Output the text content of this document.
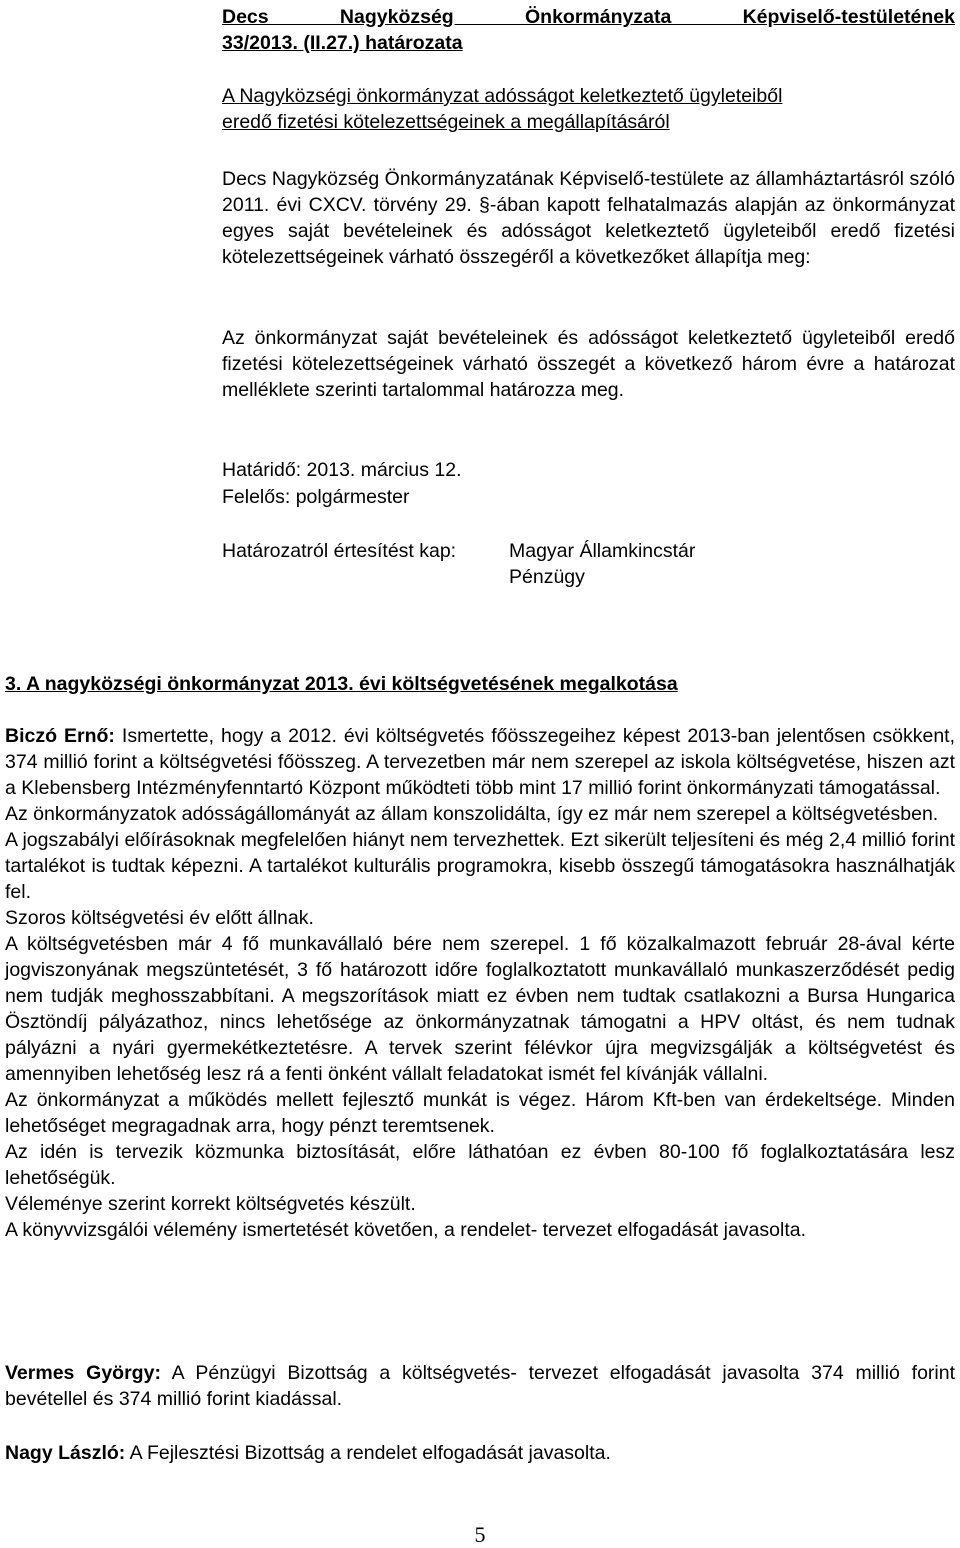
Decs Nagyközség Önkormányzata Képviselő-testületének
33/2013. (II.27.) határozata
A Nagyközségi önkormányzat adósságot keletkeztető ügyleteiből
eredő fizetési kötelezettségeinek a megállapításáról
Decs Nagyközség Önkormányzatának Képviselő-testülete az államháztartásról szóló 2011. évi CXCV. törvény 29. §-ában kapott felhatalmazás alapján az önkormányzat egyes saját bevételeinek és adósságot keletkeztető ügyleteiből eredő fizetési kötelezettségeinek várható összegéről a következőket állapítja meg:
Az önkormányzat saját bevételeinek és adósságot keletkeztető ügyleteiből eredő fizetési kötelezettségeinek várható összegét a következő három évre a határozat melléklete szerinti tartalommal határozza meg.
Határidő: 2013. március 12.
Felelős: polgármester
Határozatról értesítést kap:	Magyar Államkincstár
Pénzügy
3. A nagyközségi önkormányzat 2013. évi költségvetésének megalkotása
Biczó Ernő: Ismertette, hogy a 2012. évi költségvetés főösszegeihez képest 2013-ban jelentősen csökkent, 374 millió forint a költségvetési főösszeg. A tervezetben már nem szerepel az iskola költségvetése, hiszen azt a Klebensberg Intézményfenntartó Központ működteti több mint 17 millió forint önkormányzati támogatással.
Az önkormányzatok adósságállományát az állam konszolidálta, így ez már nem szerepel a költségvetésben.
A jogszabályi előírásoknak megfelelően hiányt nem tervezhettek. Ezt sikerült teljesíteni és még 2,4 millió forint tartalékot is tudtak képezni. A tartalékot kulturális programokra, kisebb összegű támogatásokra használhatják fel.
Szoros költségvetési év előtt állnak.
A költségvetésben már 4 fő munkavállaló bére nem szerepel. 1 fő közalkalmazott február 28-ával kérte jogviszonyának megszüntetését, 3 fő határozott időre foglalkoztatott munkavállaló munkaszerződését pedig nem tudják meghosszabbítani. A megszorítások miatt ez évben nem tudtak csatlakozni a Bursa Hungarica Ösztöndíj pályázathoz, nincs lehetősége az önkormányzatnak támogatni a HPV oltást, és nem tudnak pályázni a nyári gyermekétkeztetésre. A tervek szerint félévkor újra megvizsgálják a költségvetést és amennyiben lehetőség lesz rá a fenti önként vállalt feladatokat ismét fel kívánják vállalni.
Az önkormányzat a működés mellett fejlesztő munkát is végez. Három Kft-ben van érdekeltsége. Minden lehetőséget megragadnak arra, hogy pénzt teremtsenek.
Az idén is tervezik közmunka biztosítását, előre láthatóan ez évben 80-100 fő foglalkoztatására lesz lehetőségük.
Véleménye szerint korrekt költségvetés készült.
A könyvvizsgálói vélemény ismertetését követően, a rendelet- tervezet elfogadását javasolta.
Vermes György: A Pénzügyi Bizottság a költségvetés- tervezet elfogadását javasolta 374 millió forint bevétellel és 374 millió forint kiadással.
Nagy László: A Fejlesztési Bizottság a rendelet elfogadását javasolta.
5
